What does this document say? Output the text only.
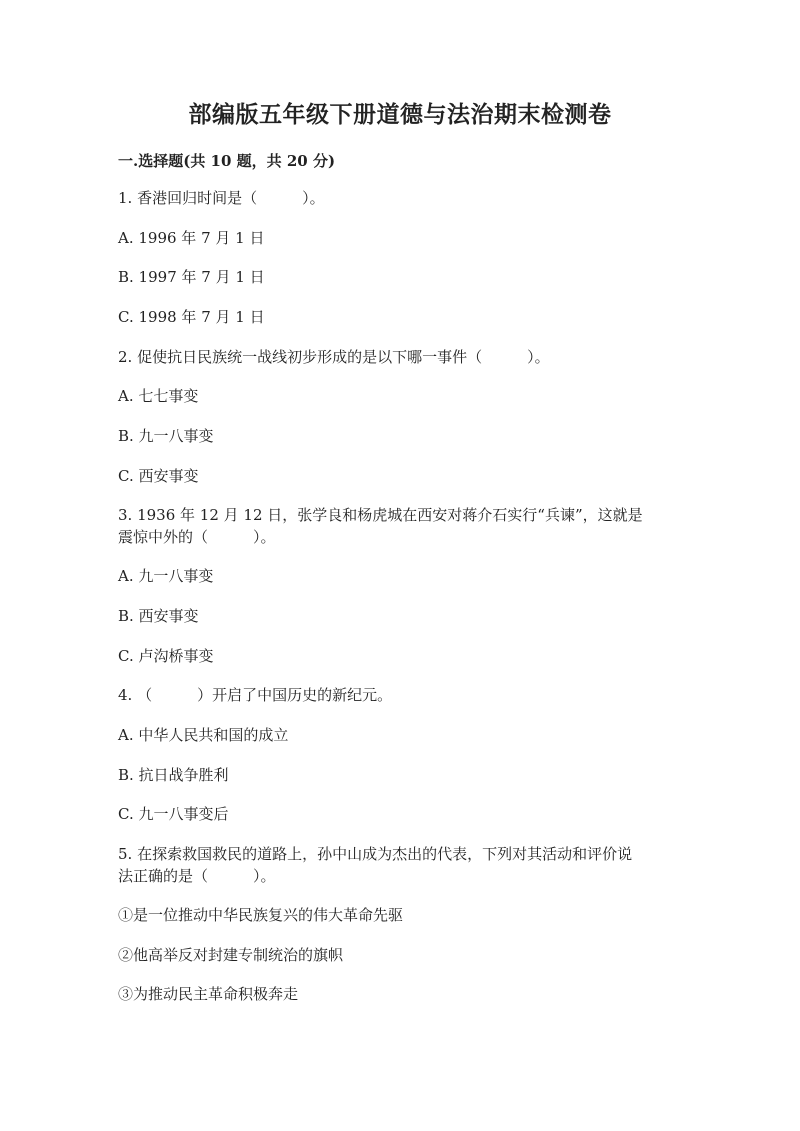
部编版五年级下册道德与法治期末检测卷
一.选择题(共 10 题，共 20 分)
1. 香港回归时间是（　　　）。
A. 1996 年 7 月 1 日
B. 1997 年 7 月 1 日
C. 1998 年 7 月 1 日
2. 促使抗日民族统一战线初步形成的是以下哪一事件（　　　）。
A. 七七事变
B. 九一八事变
C. 西安事变
3. 1936 年 12 月 12 日，张学良和杨虎城在西安对蒋介石实行“兵谏”，这就是
震惊中外的（　　　）。
A. 九一八事变
B. 西安事变
C. 卢沟桥事变
4. （　　　）开启了中国历史的新纪元。
A. 中华人民共和国的成立
B. 抗日战争胜利
C. 九一八事变后
5. 在探索救国救民的道路上，孙中山成为杰出的代表，下列对其活动和评价说
法正确的是（　　　）。
①是一位推动中华民族复兴的伟大革命先驱
②他高举反对封建专制统治的旗帜
③为推动民主革命积极奔走
